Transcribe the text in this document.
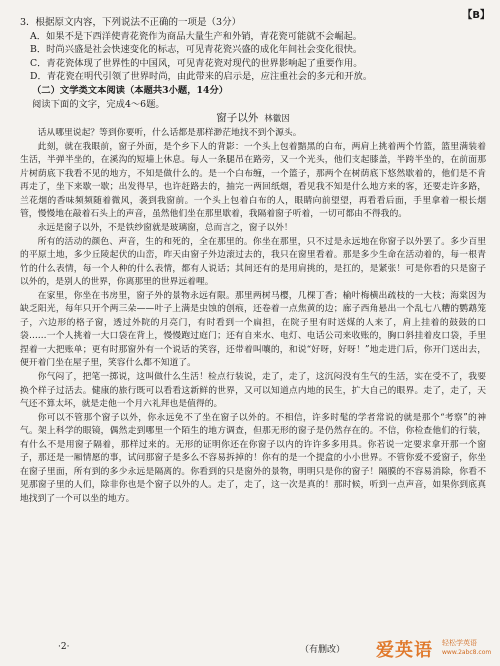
【B】

3．根据原文内容，下列说法不正确的一项是（3分）

A．如果不是下西洋使青花瓷作为商品大量生产和外销，青花瓷可能就不会崛起。

B．时尚兴盛是社会快速变化的标志，可见青花瓷兴盛的成化年间社会变化很快。

C．青花瓷体现了世界性的中国风，可见青花瓷对现代的世界影响起了重要作用。

D．青花瓷在明代引领了世界时尚，由此带来的启示是，应注重社会的多元和开放。

（二）文学类文本阅读（本题共3小题，14分）

阅读下面的文字，完成4～6题。

窗子以外 林徽因

话从哪里说起？等到你要听，什么话都是那样渺茫地找不到个源头。

此刻，就在我眼前，窗子外面，是个乡下人的背影：一个头上包着黯黑的白布，两肩上挑着两个竹篮，篮里满装着生活，半弹半坐的，在溪沟的短墙上休息。每人一条腿吊在路旁，又一个光头，他们支起膝盖，半跨半坐的，在前面那片树荫底下我看不见的地方，不知是做什么的。是一个白布缠，一个篮子，那两个在树荫底下悠然歇着的，他们是不肯再走了，坐下来歇一歇；出发得早，也许赶路去的，抽完一两回纸烟，看见我不知是什么地方来的客，还要走许多路，兰花烟的香味频频随着微风，袭到我窗前。一个头上包着白布的人，眼睛向前望望，再看看后面，手里拿着一根长烟管，慢慢地在敲着石头上的声音，虽然他们坐在那里歇着，我隔着窗子听着，一切可都由不得我的。

永远是窗子以外，不是铁纱窗就是玻璃窗，总而言之，窗子以外！

所有的活动的颜色、声音，生的和死的，全在那里的。你坐在那里，只不过是永远地在你窗子以外罢了。多少百里的平原土地，多少丘陵起伏的山峦，昨天由窗子外边滚过去的，我只在窗里看着。那是多少生命在活动着的，每一根青竹的什么表情，每一个人种的什么表情，都有人说话；其间还有的是用肩挑的，是扛的，是紧张！可是你看的只是窗子以外的，是别人的世界，你离那里的世界远着哩。

在家里，你坐在书房里，窗子外的景物永远有限。那里两树马樱，几棵丁香；榆叶梅横出疏枝的一大枝；海棠因为缺乏阳光，每年只开个两三朵——叶子上满是虫蚀的创痕，还卷着一点焦黄的边；廊子西角悬出一个乱七八糟的鹦鹉笼子，六边形的格子窗，透过外院的月亮门，有时看到一个扁担，在院子里有时送煤的人来了，肩上挂着的鼓鼓的口袋……一个人挑着一大口袋在背上，慢慢跑过庭门；还有自来水、电灯、电话公司来收账的，胸口斜挂着皮口袋，手里捏着一大把账单；更有时那窗外有一个说话的笑容，还带着叫嚷的，和说“好呀，好呀！”地走进门后，你开门送出去，便开着门坐在屋子里，笑容什么都不知道了。

你气闷了，把笔一掷说，这叫做什么生活！检点行装说，走了，走了，这沉闷没有生气的生活，实在受不了，我要换个样子过活去。健康的旅行既可以看看这新鲜的世界，又可以知道点内地的民生，扩大自己的眼界。走了，走了，天气还不算太坏，就是走他一个月六礼拜也是值得的。

你可以不管那个窗子以外，你永远免不了坐在窗子以外的。不相信，许多时髦的学者常说的就是那个“考察”的神气。架上科学的眼镜，偶然走到哪里一个陌生的地方调查，但那无形的窗子是仍然存在的。不信，你检查他们的行装，有什么不是用窗子隔着，那样过来的。无形的证明你还在你窗子以内的许许多多用具。你若说一定要求拿开那一个窗子，那还是一厢情愿的事，试问那窗子是多么不容易拆掉的！你有的是一个提盒的小小世界。不管你爱不爱窗子，你坐在窗子里面，所有到的多少永远是隔离的。你看到的只是窗外的景物，明明只是你的窗子！隔膜的不容易消除，你看不见那窗子里的人们，除非你也是个窗子以外的人。走了，走了，这一次是真的！那时候，听到一点声音，如果你到底真地找到了一个可以坐的地方。

·2·	（有删改） 爱英语 轻松学英语
www.2abc8.com
